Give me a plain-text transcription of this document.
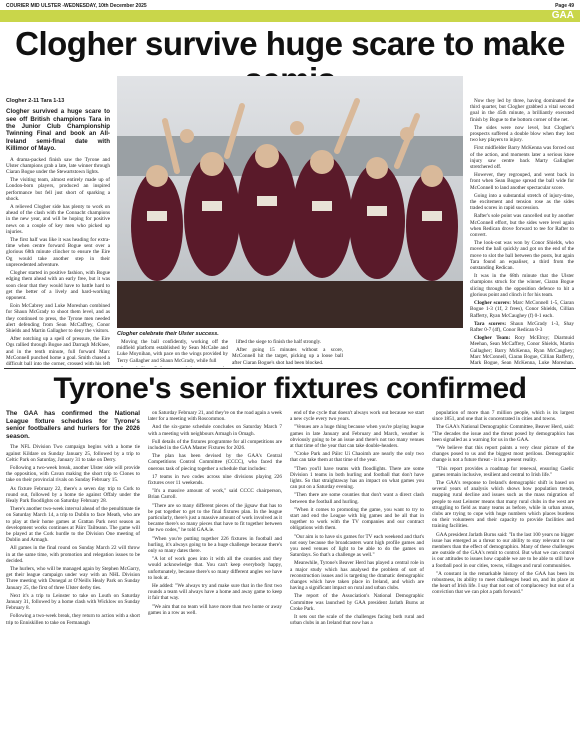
COURIER MID ULSTER -WEDNESDAY, 10th December 2025	Page 49
GAA
Clogher survive huge scare to make
Clogher 2-11 Tara 1-13
Clogher survived a huge scare to see off British champions Tara in the Junior Club Championship Twinning Final and book an All-Ireland semi-final date with Killimor of Mayo.

A drama-packed finish saw the Tyrone and Ulster champions grab a late, late winner through Ciaran Bogue under the Stewartstown lights.

The visiting team, almost entirely made up of London-born players, produced an inspired performance but fell just short of sparking a shock.

A relieved Clogher side has plenty to work on ahead of the clash with the Connacht champions in the new year, and will be hoping for positive news on a couple of key men who picked up injuries.

The first half was like it was heading for extra-time when centre forward Bogue sent over a glorious 68th minute clincher to ensure the Eire Og would take another step in their unprecedented adventure.

Clogher started in positive fashion, with Bogue edging them ahead with an early free, but it was soon clear that they would have to battle hard to get the better of a lively and hard-working opponent.

Eoin McCabrey and Luke Moreshan combined for Shaun McGrady to shoot them level, and as they continued to press, the Tyrone men needed alert defending from Sean McCaffrey, Conor Shields and Martin Gallagher to deny the visitors.

After notching up a spell of pressure, the Eire Ogs rallied through Bogue and Darragh McKnee, and in the tenth minute, full forward Marc McConnell punched home a goal. Smith chased a difficult ball into the corner, crossed with his left

Clogher celebrate their Ulster success.

Moving the ball confidently, working off the midfield platform established by Sean McCabe and Luke Moynihan, with pace on the wings provided by Terry Gallagher and Shaun McGrady, while full

lifted the siege to finish the half strongly.

After going 15 minutes without a score, McConnell hit the target, picking up a loose ball after Ciaran Bogue's shot had been blocked.

Now they led by three, having dominated the third quarter, but Clogher grabbed a vital second goal in the 45th minute, a brilliantly executed finish by Bogue to the bottom corner of the net.

The sides were now level, but Clogher's prospects suffered a double blow when they lost two key players to injury.

First midfielder Barry McKenna was forced out of the action, and moments later a serious knee injury saw centre back Marty Gallagher stretchered off.

However, they regrouped, and went back in front when Sean Bogue spread the ball wide for McConnell to land another spectacular score.

Going into a substantial stretch of injury-time, the excitement and tension rose as the sides traded scores in rapid succession.

Rafter's sole point was cancelled out by another McConnell effort, but the sides were level again when Redican drove forward to tee for Rafter to convert.

The look-out was won by Conor Shields, who moved the ball quickly and got on the end of the move to slot the ball between the posts, but again Tara found an equaliser, a third from the outstanding Redican.

It was in the 68th minute that the Ulster champions struck for the winner, Ciaran Bogue slicing through the opposition defence to hit a glorious point and clinch it for his team.

Clogher scorers: Marc McConnell 1-5, Ciaran Bogue 1-3 (1f, 2 frees), Conor Shields, Cillian Rafferty, Ryan McCaughey (f) 0-1 each.

Tara scorers: Shaun McGrady 1-3, Shay Rafter 0-7 (4f), Conor Redican 0-3

Clogher Team: Rory McElroy; Diarmuid Meehan, Sean McCaffrey, Conor Shields, Martin Gallagher; Barry McKenna, Ryan McCaughey; Marc McConnell, Ciaran Bogue, Cillian Rafferty, Mark Bogue, Sean McKenna, Luke Moreshan.

Tyrone's senior fixtures confirmed
The GAA has confirmed the National League fixture schedules for Tyrone's senior footballers and hurlers for the 2026 season.

The NFL Division Two campaign begins with a home tie against Kildare on Sunday January 25, followed by a trip to Celtic Park on Saturday, January 31 to take on Derry.

Following a two-week break, another Ulster side will provide the opposition, with Cavan making the short trip to Clones to take on their provincial rivals on Sunday February 15.

As fixture February 22, there's a seven day trip to Cork to round out, followed by a home tie against Offaly under the Healy Park floodlights on Saturday February 28.

There's another two-week interval ahead of the penultimate tie on Saturday March 14, a trip to Dublin to face Meath, who are to play at their home games at Grattan Park next season as development works continues at Páirc Tailteann. The game will be played at the Cork hurdle to the Division One meeting of Dublin and Armagh.

All games in the final round on Sunday March 22 will throw in at the same time, with promotion and relegation issues to be decided.

The hurlers, who will be managed again by Stephen McGarry, get their league campaign under way with an NHL Division Three meeting with Donegal at O'Neills Healy Park on Sunday January 25, the first of three Ulster derby ties.

Next it's a trip to Leinster to take on Louth on Saturday January 31, followed by a home clash with Wicklow on Sunday February 8.

Following a two-week break, they return to action with a short trip to Enniskillen to take on Fermanagh

on Saturday February 21, and they're on the road again a week later for a meeting with Roscommon.

And the six-game schedule concludes on Saturday March 7 with a meeting with neighbours Armagh in Omagh.

Full details of the fixtures programme for all competitions are included in the GAA Master Fixtures for 2026.

The plan has been devised by the GAA's Central Competitions Control Committee (CCCC), who faced the onerous task of piecing together a schedule that includes:

17 teams in two codes across nine divisions playing 226 fixtures over 11 weekends.

"It's a massive amount of work," said CCCC chairperson, Brian Carroll.

"There are so many different pieces of the jigsaw that has to be put together to get to the final fixtures plan. In the league particularly, there's just a massive amount of work involved as it became there's so many pieces that have to fit together between the two codes," he told GAA.ie.

"When you're putting together 226 fixtures in football and hurling, it's always going to be a huge challenge because there's only so many dates there.

"A lot of work goes into it with all the counties and they would acknowledge that. You can't keep everybody happy, unfortunately, because there's so many different angles we have to look at.

He added: "We always try and make sure that in the first two rounds a team will always have a home and away game to keep it fair that way.

"We aim that no team will have more than two home or away games in a row as well.

end of the cycle that doesn't always work out because we start a new cycle every two years.

"Venues are a huge thing because when you're playing league games in late January and February and March, weather is obviously going to be an issue and there's not too many venues at that time of the year that can take double-headers.

"Croke Park and Páirc Uí Chaoimh are nearly the only two that can take them at that time of the year.

"Then you'll have teams with floodlights. There are some Division 1 teams in both hurling and football that don't have lights. So that straightaway has an impact on what games you can put on a Saturday evening.

"Then there are some counties that don't want a direct clash between the football and hurling.

"When it comes to promoting the game, you want to try to start and end the League with big games and be all that in together to work with the TV companies and our contract obligations with them.

"Our aim is to have six games for TV each weekend and that's not easy because the broadcasters want high profile games and you need venues of light to be able to do the games on Saturdays. So that's a challenge as well."

Meanwhile, Tyrone's Beaver Herd has played a central role in a major study which has analysed the problem of sort of reconstruction issues and is targeting the dramatic demographic changes which have taken place in Ireland, and which are having a significant impact on rural and urban clubs.

The report of the Association's National Demographic Committee was launched by GAA president Jarlath Burns at Croke Park.

It sets out the scale of the challenges facing both rural and urban clubs in an Ireland that now has a

population of more than 7 million people, which is its largest since 1851, and one that is concentrated in cities and towns.

The GAA's National Demographic Committee, Beaver Herd, said: "The decades the issue and the threat posed by demographics has been signalled as a warning for us in the GAA.

"We believe that this report paints a very clear picture of the changes posed to us and the biggest most perilous. Demographic change is not a future threat - it is a present reality.

"This report provides a roadmap for renewal, ensuring Gaelic games remain inclusive, resilient and central to Irish life."

The GAA's response to Ireland's demographic shift is based on several years of analysis which shows how population trends, mapping rural decline and issues such as the mass migration of people to east Leinster means that many rural clubs in the west are struggling to field as many teams as before, while in urban areas, clubs are trying to cope with huge numbers which places burdens on their volunteers and their capacity to provide facilities and training facilities.

GAA president Jarlath Burns said: "In the last 100 years no bigger issue has emerged as a threat to our ability to stay relevant to our members than the effect of demographics. Many of these challenges are outside of the GAA's remit to control. But what we can control is our attitudes to issues how capable we are to be able to still have a football pool in our cities, towns, villages and rural communities.

"A constant in the remarkable history of the GAA has been its robustness, its ability to meet challenges head on, and its place at the heart of Irish life. I say that not out of complacency but out of a conviction that we can plot a path forward."
